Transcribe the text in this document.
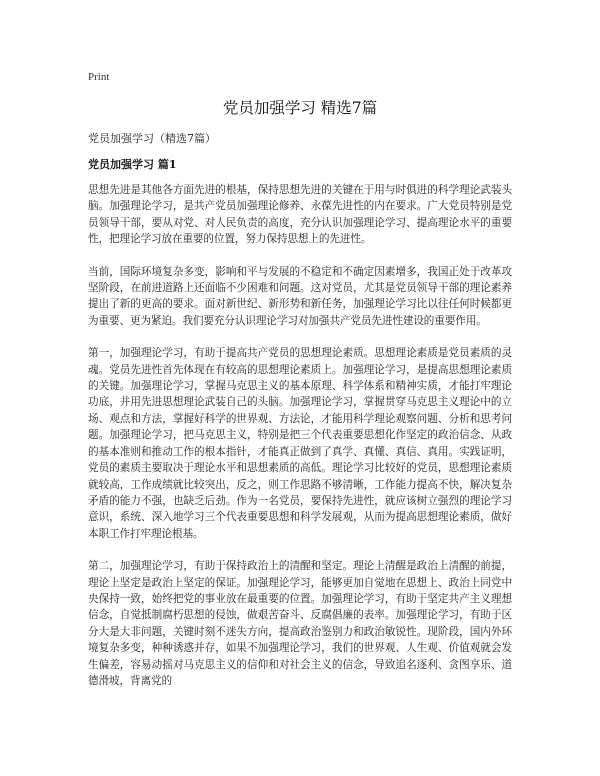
Print
党员加强学习 精选7篇
党员加强学习（精选7篇）
党员加强学习 篇1

思想先进是其他各方面先进的根基，保持思想先进的关键在于用与时俱进的科学理论武装头脑。加强理论学习，是共产党员加强理论修养、永葆先进性的内在要求。广大党员特别是党员领导干部，要从对党、对人民负责的高度，充分认识加强理论学习、提高理论水平的重要性，把理论学习放在重要的位置，努力保持思想上的先进性。

当前，国际环境复杂多变，影响和平与发展的不稳定和不确定因素增多，我国正处于改革攻坚阶段，在前进道路上还面临不少困难和问题。这对党员，尤其是党员领导干部的理论素养提出了新的更高的要求。面对新世纪、新形势和新任务，加强理论学习比以往任何时候都更为重要、更为紧迫。我们要充分认识理论学习对加强共产党员先进性建设的重要作用。

第一，加强理论学习，有助于提高共产党员的思想理论素质。思想理论素质是党员素质的灵魂。党员先进性首先体现在有较高的思想理论素质上。加强理论学习，是提高思想理论素质的关键。加强理论学习，掌握马克思主义的基本原理、科学体系和精神实质，才能打牢理论功底，并用先进思想理论武装自己的头脑。加强理论学习，掌握贯穿马克思主义理论中的立场、观点和方法，掌握好科学的世界观、方法论，才能用科学理论观察问题、分析和思考问题。加强理论学习，把马克思主义，特别是把三个代表重要思想化作坚定的政治信念、从政的基本准则和推动工作的根本指针，才能真正做到了真学、真懂、真信、真用。实践证明，党员的素质主要取决于理论水平和思想素质的高低。理论学习比较好的党员，思想理论素质就较高，工作成绩就比较突出，反之，则工作思路不够清晰，工作能力提高不快，解决复杂矛盾的能力不强，也缺乏后劲。作为一名党员，要保持先进性，就应该树立强烈的理论学习意识，系统、深入地学习三个代表重要思想和科学发展观，从而为提高思想理论素质，做好本职工作打牢理论根基。

第二，加强理论学习，有助于保持政治上的清醒和坚定。理论上清醒是政治上清醒的前提，理论上坚定是政治上坚定的保证。加强理论学习，能够更加自觉地在思想上、政治上同党中央保持一致，始终把党的事业放在最重要的位置。加强理论学习，有助于坚定共产主义理想信念，自觉抵制腐朽思想的侵蚀，做艰苦奋斗、反腐倡廉的表率。加强理论学习，有助于区分大是大非问题，关键时刻不迷失方向，提高政治鉴别力和政治敏锐性。现阶段，国内外环境复杂多变，种种诱惑并存，如果不加强理论学习，我们的世界观、人生观、价值观就会发生偏差，容易动摇对马克思主义的信仰和对社会主义的信念，导致追名逐利、贪图享乐、道德滑坡，背离党的
